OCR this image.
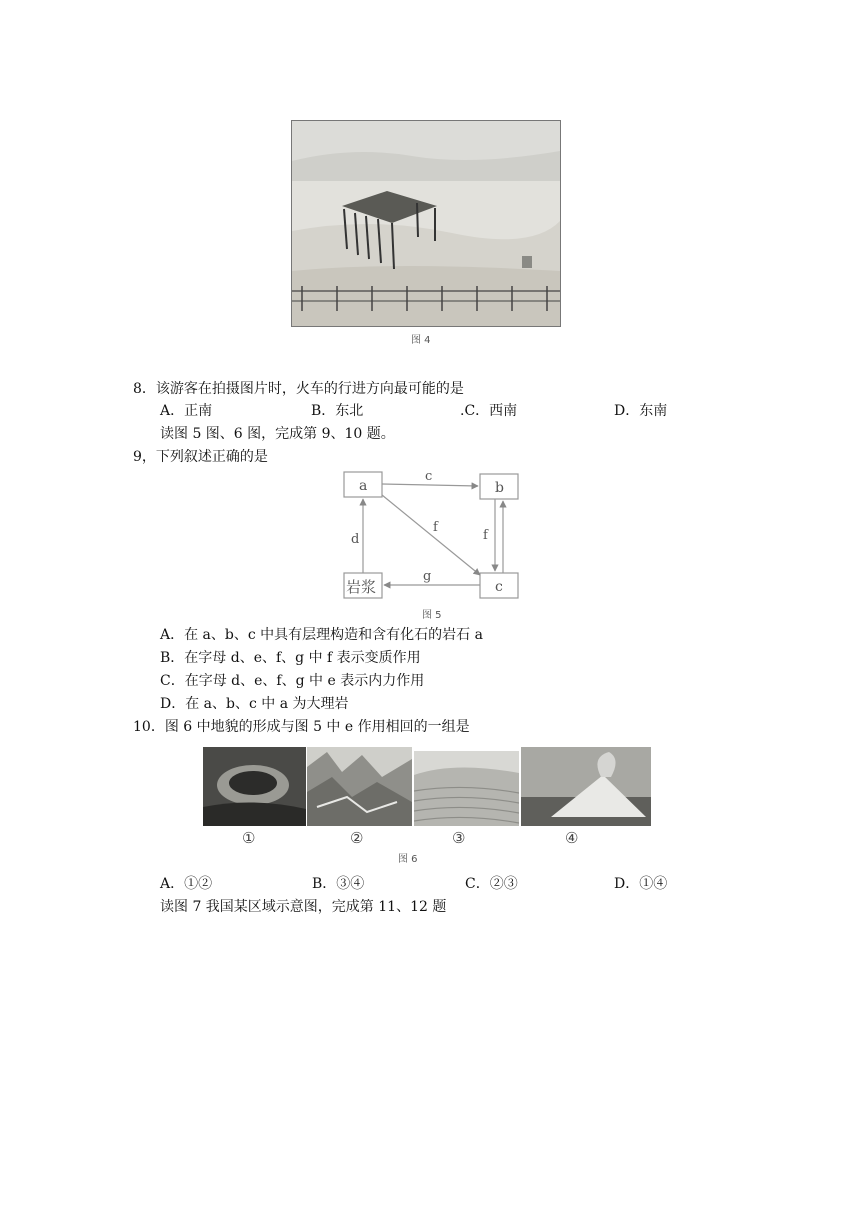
图 4
8．该游客在拍摄图片时，火车的行进方向最可能的是
A．正南	B．东北	.C．西南	D．东南
读图 5 图、6 图，完成第 9、10 题。
9，下列叙述正确的是
a	b
c
岩浆
c
f
f
d
g
图 5
A．在 a、b、c 中具有层理构造和含有化石的岩石 a
B．在字母 d、e、f、g 中 f 表示变质作用
C．在字母 d、e、f、g 中 e 表示内力作用
D．在 a、b、c 中 a 为大理岩
10．图 6 中地貌的形成与图 5 中 e 作用相回的一组是
①	②	③	④
图 6
A．①②	B．③④	C．②③	D．①④
读图 7 我国某区域示意图，完成第 11、12 题
